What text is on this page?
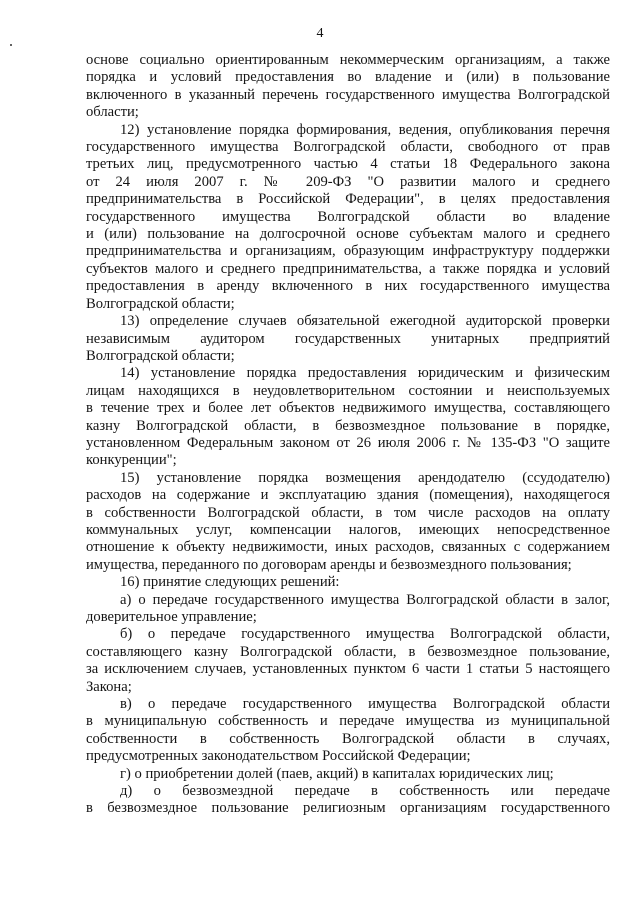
4

основе социально ориентированным некоммерческим организациям, а также

порядка и условий предоставления во владение и (или) в пользование

включенного в указанный перечень государственного имущества Волгоградской

области;

12) установление порядка формирования, ведения, опубликования перечня

государственного имущества Волгоградской области, свободного от прав

третьих лиц, предусмотренного частью 4 статьи 18 Федерального закона

от 24 июля 2007 г. № 209-ФЗ "О развитии малого и среднего

предпринимательства в Российской Федерации", в целях предоставления

государственного имущества Волгоградской области во владение

и (или) пользование на долгосрочной основе субъектам малого и среднего

предпринимательства и организациям, образующим инфраструктуру поддержки

субъектов малого и среднего предпринимательства, а также порядка и условий

предоставления в аренду включенного в них государственного имущества

Волгоградской области;

13) определение случаев обязательной ежегодной аудиторской проверки

независимым аудитором государственных унитарных предприятий

Волгоградской области;

14) установление порядка предоставления юридическим и физическим

лицам находящихся в неудовлетворительном состоянии и неиспользуемых

в течение трех и более лет объектов недвижимого имущества, составляющего

казну Волгоградской области, в безвозмездное пользование в порядке,

установленном Федеральным законом от 26 июля 2006 г. № 135-ФЗ "О защите

конкуренции";

15) установление порядка возмещения арендодателю (ссудодателю)

расходов на содержание и эксплуатацию здания (помещения), находящегося

в собственности Волгоградской области, в том числе расходов на оплату

коммунальных услуг, компенсации налогов, имеющих непосредственное

отношение к объекту недвижимости, иных расходов, связанных с содержанием

имущества, переданного по договорам аренды и безвозмездного пользования;

16) принятие следующих решений:

а) о передаче государственного имущества Волгоградской области в залог,

доверительное управление;

б) о передаче государственного имущества Волгоградской области,

составляющего казну Волгоградской области, в безвозмездное пользование,

за исключением случаев, установленных пунктом 6 части 1 статьи 5 настоящего

Закона;

в) о передаче государственного имущества Волгоградской области

в муниципальную собственность и передаче имущества из муниципальной

собственности в собственность Волгоградской области в случаях,

предусмотренных законодательством Российской Федерации;

г) о приобретении долей (паев, акций) в капиталах юридических лиц;

д) о безвозмездной передаче в собственность или передаче

в безвозмездное пользование религиозным организациям государственного
